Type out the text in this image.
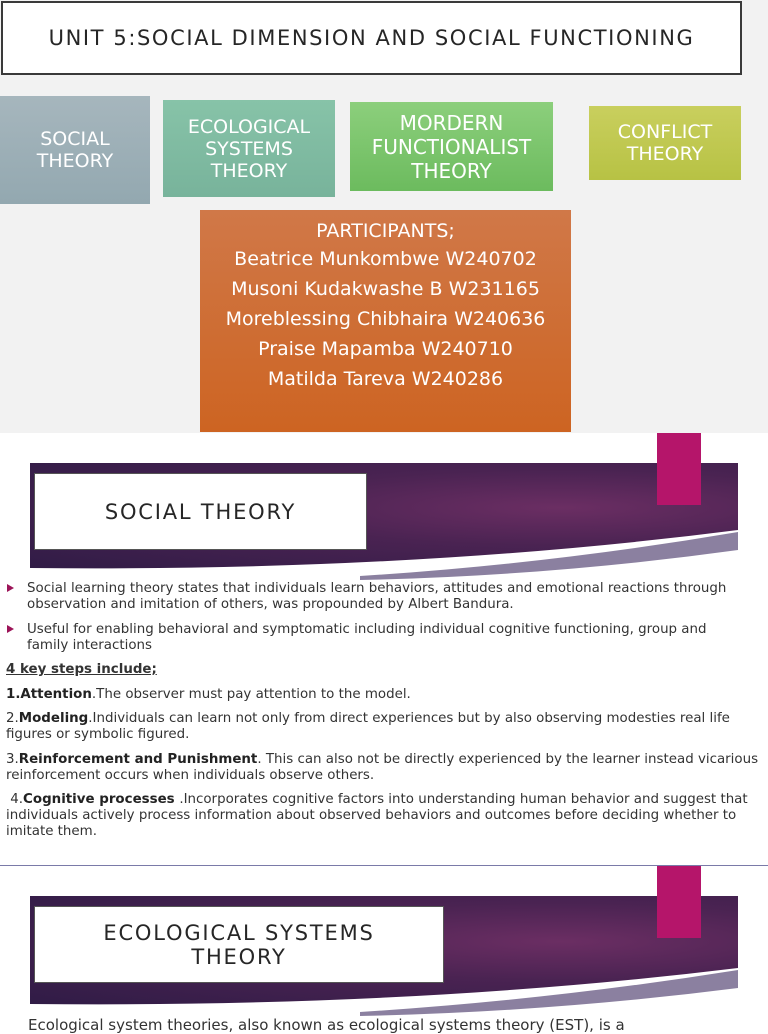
UNIT 5:SOCIAL DIMENSION AND SOCIAL FUNCTIONING
SOCIAL
THEORY
ECOLOGICAL
SYSTEMS
THEORY
MORDERN
FUNCTIONALIST
THEORY
CONFLICT
THEORY
PARTICIPANTS;
Beatrice Munkombwe W240702
Musoni Kudakwashe B W231165
Moreblessing Chibhaira W240636
Praise Mapamba W240710
Matilda Tareva W240286
SOCIAL THEORY
Social learning theory states that individuals learn behaviors, attitudes and emotional reactions through observation and imitation of others, was propounded by Albert Bandura.
Useful for enabling behavioral and symptomatic including individual cognitive functioning, group and family interactions
4 key steps include;
1.Attention.The observer must pay attention to the model.
2.Modeling.Individuals can learn not only from direct experiences but by also observing modesties real life figures or symbolic figured.
3.Reinforcement and Punishment. This can also not be directly experienced by the learner instead vicarious reinforcement occurs when individuals observe others.
4.Cognitive processes .Incorporates cognitive factors into understanding human behavior and suggest that individuals actively process information about observed behaviors and outcomes before deciding whether to imitate them.
ECOLOGICAL SYSTEMS
THEORY
Ecological system theories, also known as ecological systems theory (EST), is a
